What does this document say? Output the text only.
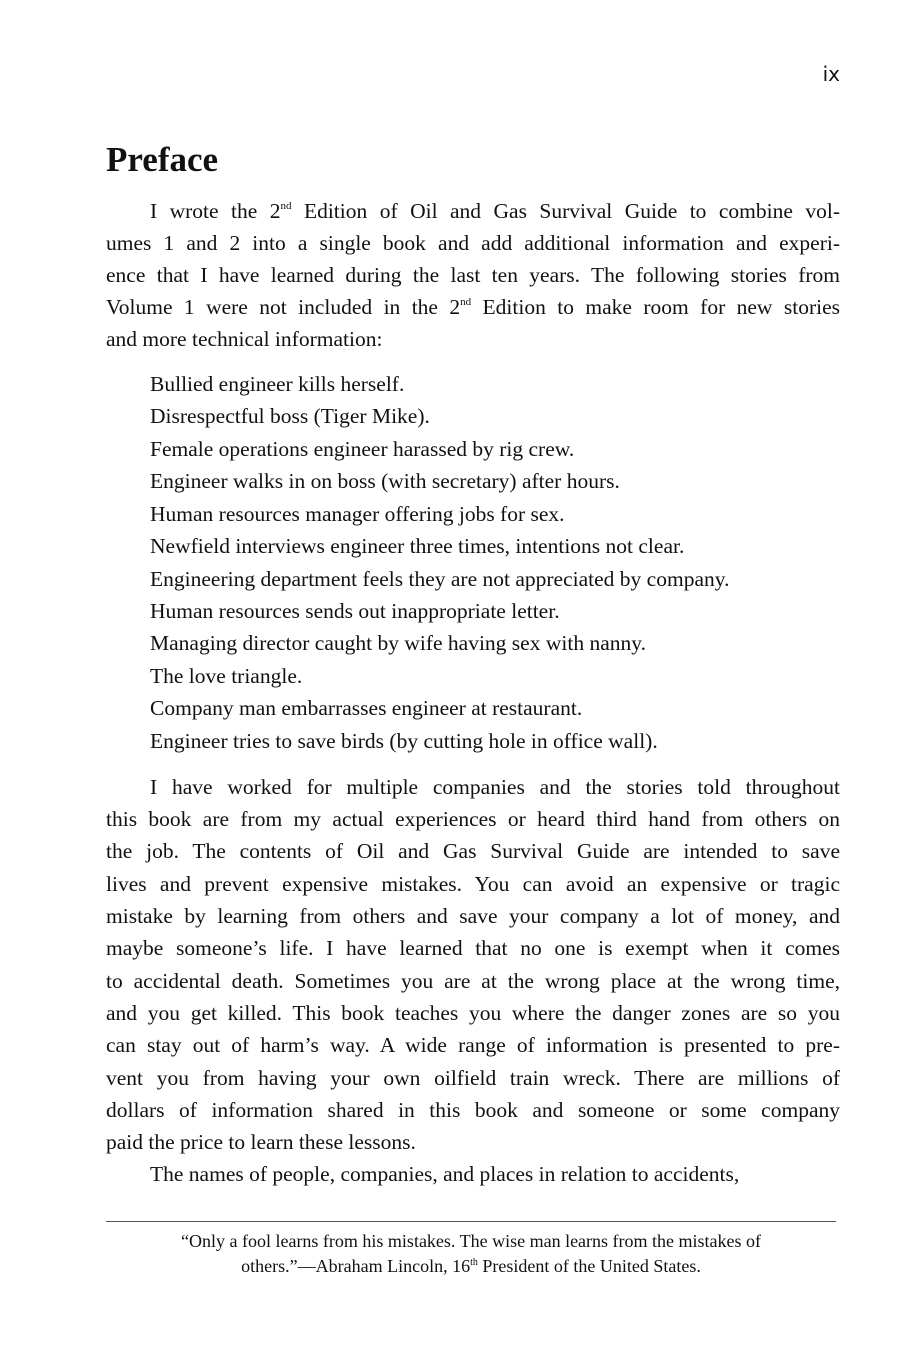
ix
Preface

I wrote the 2nd Edition of Oil and Gas Survival Guide to combine vol-

umes 1 and 2 into a single book and add additional information and experi-

ence that I have learned during the last ten years. The following stories from

Volume 1 were not included in the 2nd Edition to make room for new stories

and more technical information:

Bullied engineer kills herself.

Disrespectful boss (Tiger Mike).

Female operations engineer harassed by rig crew.

Engineer walks in on boss (with secretary) after hours.

Human resources manager offering jobs for sex.

Newfield interviews engineer three times, intentions not clear.

Engineering department feels they are not appreciated by company.

Human resources sends out inappropriate letter.

Managing director caught by wife having sex with nanny.

The love triangle.

Company man embarrasses engineer at restaurant.

Engineer tries to save birds (by cutting hole in office wall).

I have worked for multiple companies and the stories told throughout

this book are from my actual experiences or heard third hand from others on

the job. The contents of Oil and Gas Survival Guide are intended to save

lives and prevent expensive mistakes. You can avoid an expensive or tragic

mistake by learning from others and save your company a lot of money, and

maybe someone’s life. I have learned that no one is exempt when it comes

to accidental death. Sometimes you are at the wrong place at the wrong time,

and you get killed. This book teaches you where the danger zones are so you

can stay out of harm’s way. A wide range of information is presented to pre-

vent you from having your own oilfield train wreck. There are millions of

dollars of information shared in this book and someone or some company

paid the price to learn these lessons.

The names of people, companies, and places in relation to accidents,

“Only a fool learns from his mistakes. The wise man learns from the mistakes of
others.”—Abraham Lincoln, 16th President of the United States.
